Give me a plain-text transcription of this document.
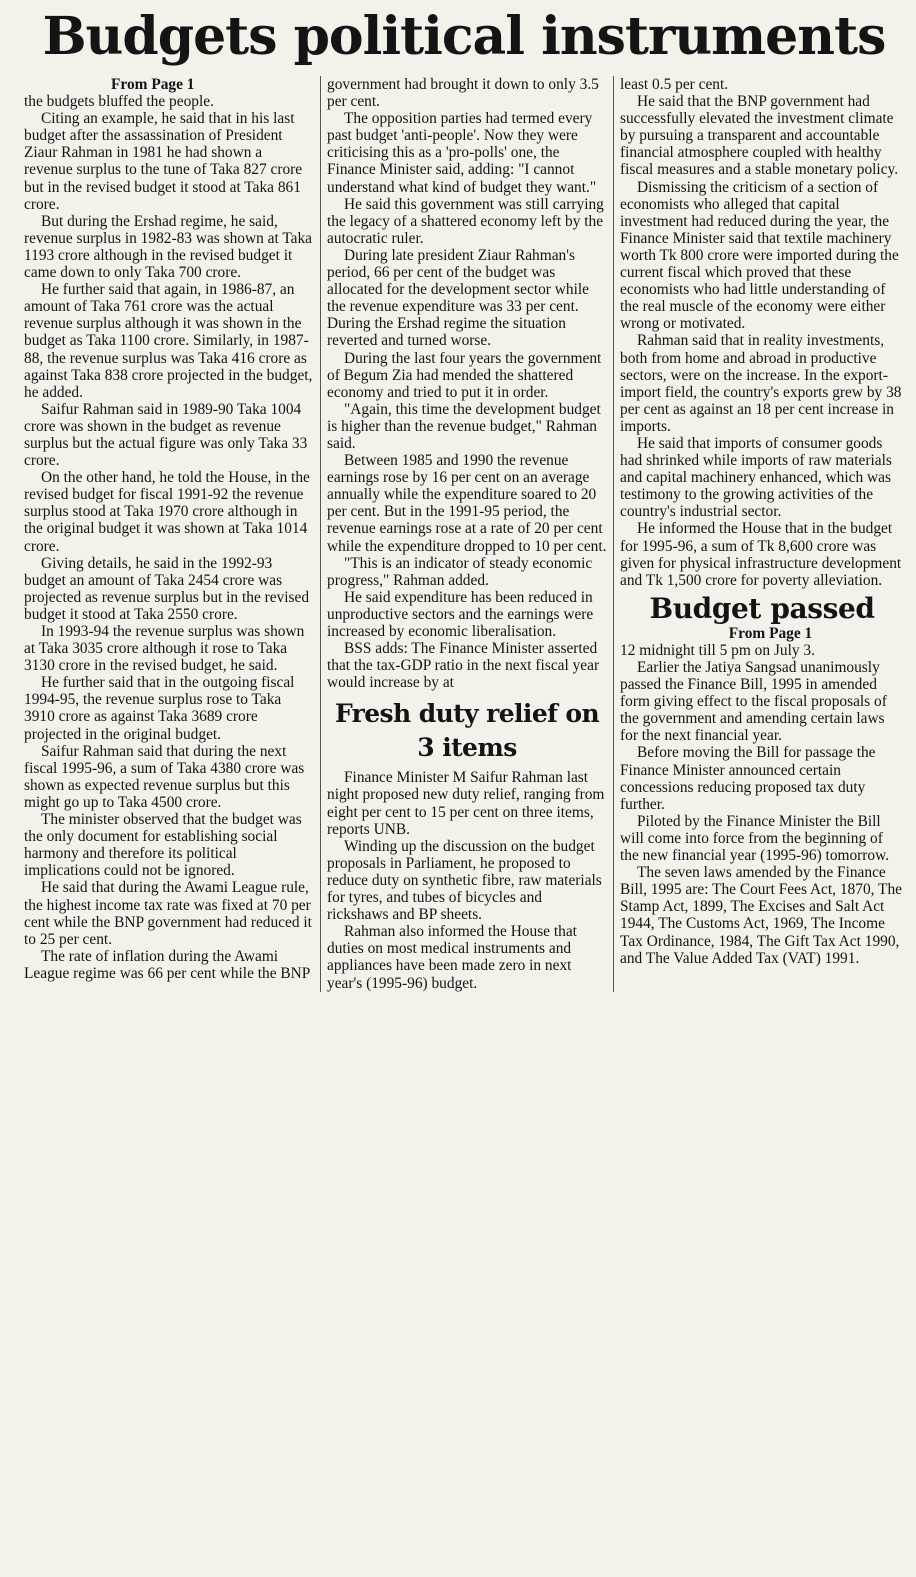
Budgets political instruments

From Page 1

the budgets bluffed the people.

Citing an example, he said that in his last budget after the assassination of President Ziaur Rahman in 1981 he had shown a revenue surplus to the tune of Taka 827 crore but in the revised budget it stood at Taka 861 crore.

But during the Ershad regime, he said, revenue surplus in 1982-83 was shown at Taka 1193 crore although in the revised budget it came down to only Taka 700 crore.

He further said that again, in 1986-87, an amount of Taka 761 crore was the actual revenue surplus although it was shown in the budget as Taka 1100 crore. Similarly, in 1987-88, the revenue surplus was Taka 416 crore as against Taka 838 crore projected in the budget, he added.

Saifur Rahman said in 1989-90 Taka 1004 crore was shown in the budget as revenue surplus but the actual figure was only Taka 33 crore.

On the other hand, he told the House, in the revised budget for fiscal 1991-92 the revenue surplus stood at Taka 1970 crore although in the original budget it was shown at Taka 1014 crore.

Giving details, he said in the 1992-93 budget an amount of Taka 2454 crore was projected as revenue surplus but in the revised budget it stood at Taka 2550 crore.

In 1993-94 the revenue surplus was shown at Taka 3035 crore although it rose to Taka 3130 crore in the revised budget, he said.

He further said that in the outgoing fiscal 1994-95, the revenue surplus rose to Taka 3910 crore as against Taka 3689 crore projected in the original budget.

Saifur Rahman said that during the next fiscal 1995-96, a sum of Taka 4380 crore was shown as expected revenue surplus but this might go up to Taka 4500 crore.

The minister observed that the budget was the only document for establishing social harmony and therefore its political implications could not be ignored.

He said that during the Awami League rule, the highest income tax rate was fixed at 70 per cent while the BNP government had reduced it to 25 per cent.

The rate of inflation during the Awami League regime was 66 per cent while the BNP

government had brought it down to only 3.5 per cent.

The opposition parties had termed every past budget 'anti-people'. Now they were criticising this as a 'pro-polls' one, the Finance Minister said, adding: "I cannot understand what kind of budget they want."

He said this government was still carrying the legacy of a shattered economy left by the autocratic ruler.

During late president Ziaur Rahman's period, 66 per cent of the budget was allocated for the development sector while the revenue expenditure was 33 per cent. During the Ershad regime the situation reverted and turned worse.

During the last four years the government of Begum Zia had mended the shattered economy and tried to put it in order.

"Again, this time the development budget is higher than the revenue budget," Rahman said.

Between 1985 and 1990 the revenue earnings rose by 16 per cent on an average annually while the expenditure soared to 20 per cent. But in the 1991-95 period, the revenue earnings rose at a rate of 20 per cent while the expenditure dropped to 10 per cent.

"This is an indicator of steady economic progress," Rahman added.

He said expenditure has been reduced in unproductive sectors and the earnings were increased by economic liberalisation.

BSS adds: The Finance Minister asserted that the tax-GDP ratio in the next fiscal year would increase by at

Fresh duty relief on 3 items

Finance Minister M Saifur Rahman last night proposed new duty relief, ranging from eight per cent to 15 per cent on three items, reports UNB.

Winding up the discussion on the budget proposals in Parliament, he proposed to reduce duty on synthetic fibre, raw materials for tyres, and tubes of bicycles and rickshaws and BP sheets.

Rahman also informed the House that duties on most medical instruments and appliances have been made zero in next year's (1995-96) budget.

least 0.5 per cent.

He said that the BNP government had successfully elevated the investment climate by pursuing a transparent and accountable financial atmosphere coupled with healthy fiscal measures and a stable monetary policy.

Dismissing the criticism of a section of economists who alleged that capital investment had reduced during the year, the Finance Minister said that textile machinery worth Tk 800 crore were imported during the current fiscal which proved that these economists who had little understanding of the real muscle of the economy were either wrong or motivated.

Rahman said that in reality investments, both from home and abroad in productive sectors, were on the increase. In the export-import field, the country's exports grew by 38 per cent as against an 18 per cent increase in imports.

He said that imports of consumer goods had shrinked while imports of raw materials and capital machinery enhanced, which was testimony to the growing activities of the country's industrial sector.

He informed the House that in the budget for 1995-96, a sum of Tk 8,600 crore was given for physical infrastructure development and Tk 1,500 crore for poverty alleviation.

Budget passed

From Page 1

12 midnight till 5 pm on July 3.

Earlier the Jatiya Sangsad unanimously passed the Finance Bill, 1995 in amended form giving effect to the fiscal proposals of the government and amending certain laws for the next financial year.

Before moving the Bill for passage the Finance Minister announced certain concessions reducing proposed tax duty further.

Piloted by the Finance Minister the Bill will come into force from the beginning of the new financial year (1995-96) tomorrow.

The seven laws amended by the Finance Bill, 1995 are: The Court Fees Act, 1870, The Stamp Act, 1899, The Excises and Salt Act 1944, The Customs Act, 1969, The Income Tax Ordinance, 1984, The Gift Tax Act 1990, and The Value Added Tax (VAT) 1991.
